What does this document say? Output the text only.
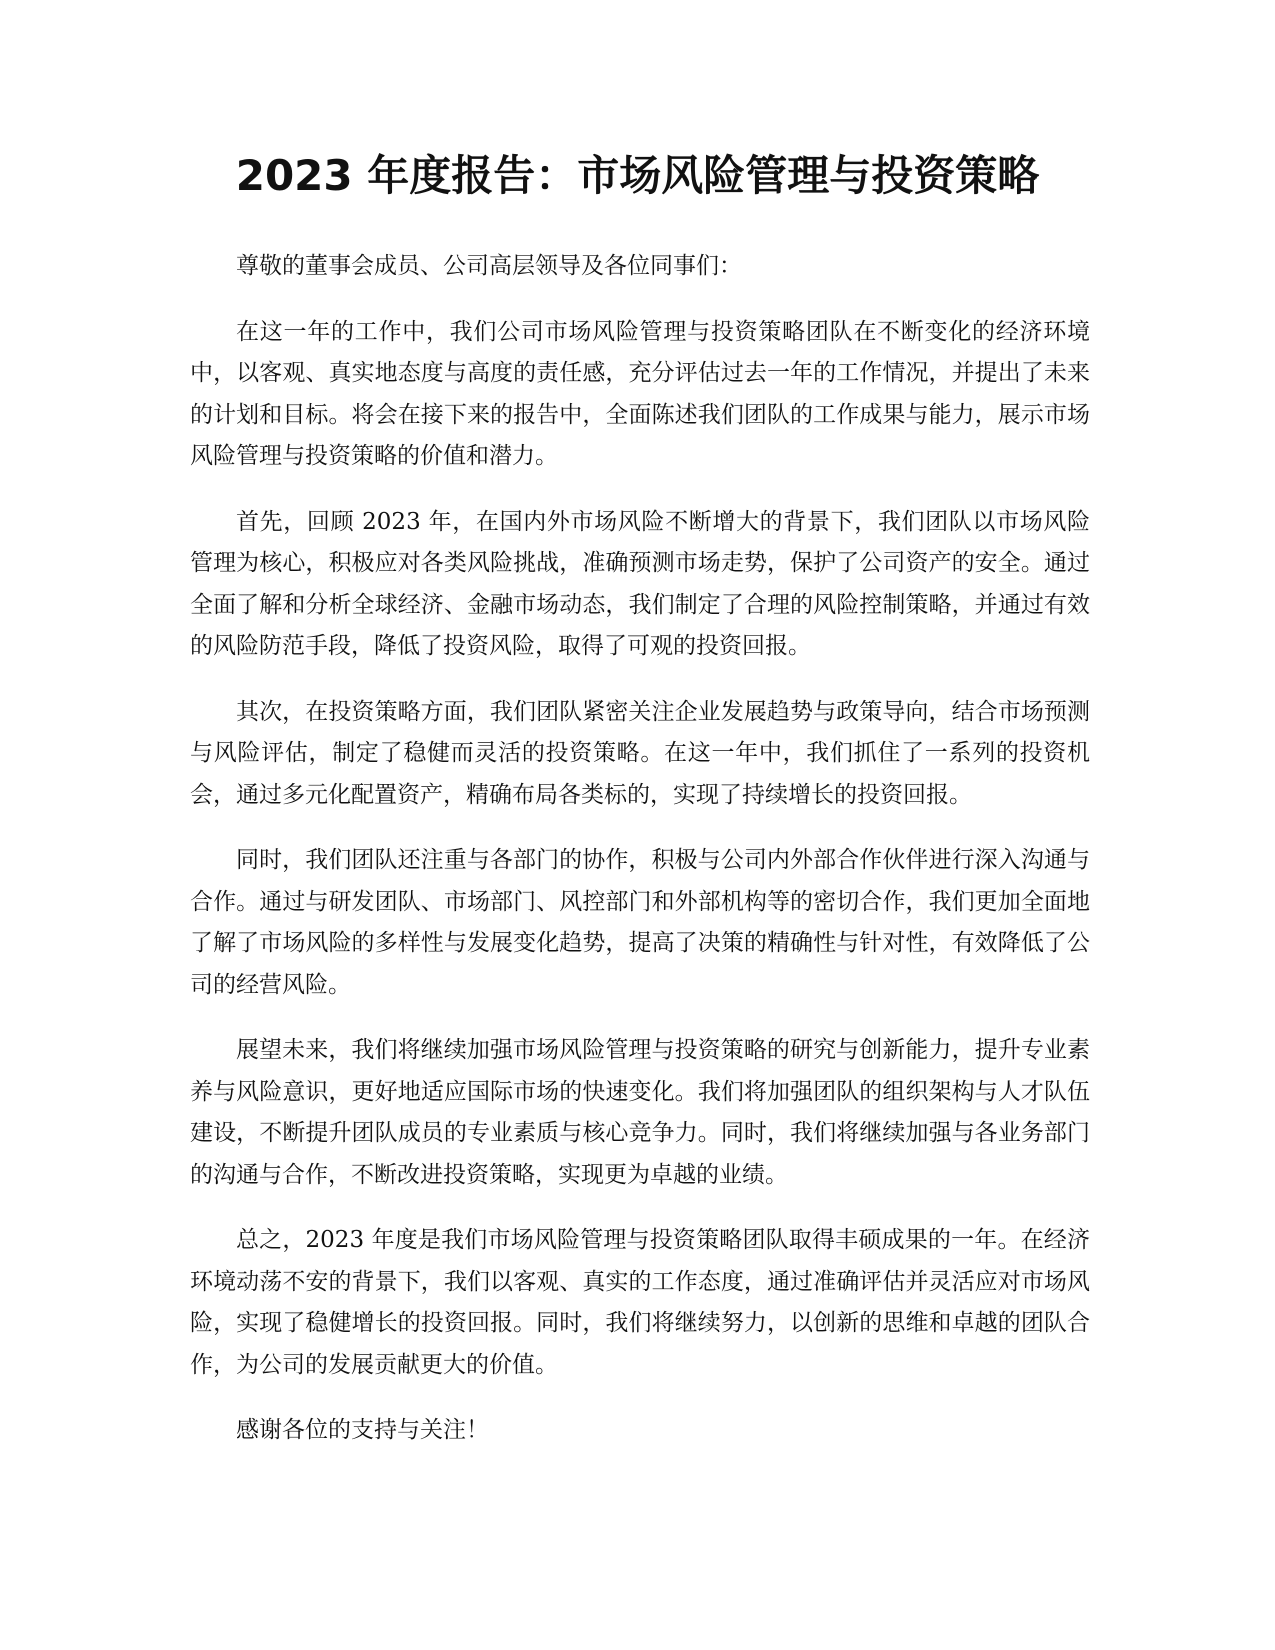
2023 年度报告：市场风险管理与投资策略

尊敬的董事会成员、公司高层领导及各位同事们：

在这一年的工作中，我们公司市场风险管理与投资策略团队在不断变化的经济环境中，以客观、真实地态度与高度的责任感，充分评估过去一年的工作情况，并提出了未来的计划和目标。将会在接下来的报告中，全面陈述我们团队的工作成果与能力，展示市场风险管理与投资策略的价值和潜力。

首先，回顾 2023 年，在国内外市场风险不断增大的背景下，我们团队以市场风险管理为核心，积极应对各类风险挑战，准确预测市场走势，保护了公司资产的安全。通过全面了解和分析全球经济、金融市场动态，我们制定了合理的风险控制策略，并通过有效的风险防范手段，降低了投资风险，取得了可观的投资回报。

其次，在投资策略方面，我们团队紧密关注企业发展趋势与政策导向，结合市场预测与风险评估，制定了稳健而灵活的投资策略。在这一年中，我们抓住了一系列的投资机会，通过多元化配置资产，精确布局各类标的，实现了持续增长的投资回报。

同时，我们团队还注重与各部门的协作，积极与公司内外部合作伙伴进行深入沟通与合作。通过与研发团队、市场部门、风控部门和外部机构等的密切合作，我们更加全面地了解了市场风险的多样性与发展变化趋势，提高了决策的精确性与针对性，有效降低了公司的经营风险。

展望未来，我们将继续加强市场风险管理与投资策略的研究与创新能力，提升专业素养与风险意识，更好地适应国际市场的快速变化。我们将加强团队的组织架构与人才队伍建设，不断提升团队成员的专业素质与核心竞争力。同时，我们将继续加强与各业务部门的沟通与合作，不断改进投资策略，实现更为卓越的业绩。

总之，2023 年度是我们市场风险管理与投资策略团队取得丰硕成果的一年。在经济环境动荡不安的背景下，我们以客观、真实的工作态度，通过准确评估并灵活应对市场风险，实现了稳健增长的投资回报。同时，我们将继续努力，以创新的思维和卓越的团队合作，为公司的发展贡献更大的价值。

感谢各位的支持与关注！
